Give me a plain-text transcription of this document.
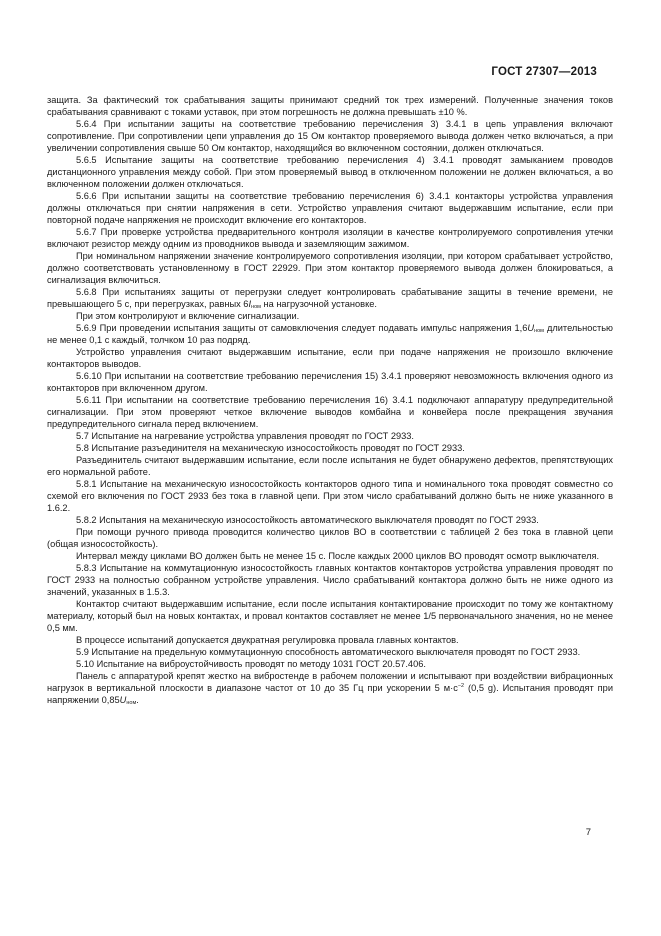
ГОСТ 27307—2013

защита. За фактический ток срабатывания защиты принимают средний ток трех измерений. Полученные значения токов срабатывания сравнивают с токами уставок, при этом погрешность не должна превышать ±10 %.

5.6.4 При испытании защиты на соответствие требованию перечисления 3) 3.4.1 в цепь управления включают сопротивление. При сопротивлении цепи управления до 15 Ом контактор проверяемого вывода должен четко включаться, а при увеличении сопротивления свыше 50 Ом контактор, находящийся во включенном состоянии, должен отключаться.

5.6.5 Испытание защиты на соответствие требованию перечисления 4) 3.4.1 проводят замыканием проводов дистанционного управления между собой. При этом проверяемый вывод в отключенном положении не должен включаться, а во включенном положении должен отключаться.

5.6.6 При испытании защиты на соответствие требованию перечисления 6) 3.4.1 контакторы устройства управления должны отключаться при снятии напряжения в сети. Устройство управления считают выдержавшим испытание, если при повторной подаче напряжения не происходит включение его контакторов.

5.6.7 При проверке устройства предварительного контроля изоляции в качестве контролируемого сопротивления утечки включают резистор между одним из проводников вывода и заземляющим зажимом.

При номинальном напряжении значение контролируемого сопротивления изоляции, при котором срабатывает устройство, должно соответствовать установленному в ГОСТ 22929. При этом контактор проверяемого вывода должен блокироваться, а сигнализация включиться.

5.6.8 При испытаниях защиты от перегрузки следует контролировать срабатывание защиты в течение времени, не превышающего 5 с, при перегрузках, равных $6I_{ном}$ на нагрузочной установке.

При этом контролируют и включение сигнализации.

5.6.9 При проведении испытания защиты от самовключения следует подавать импульс напряжения $1,6U_{ном}$ длительностью не менее 0,1 с каждый, толчком 10 раз подряд.

Устройство управления считают выдержавшим испытание, если при подаче напряжения не произошло включение контакторов выводов.

5.6.10 При испытании на соответствие требованию перечисления 15) 3.4.1 проверяют невозможность включения одного из контакторов при включенном другом.

5.6.11 При испытании на соответствие требованию перечисления 16) 3.4.1 подключают аппаратуру предупредительной сигнализации. При этом проверяют четкое включение выводов комбайна и конвейера после прекращения звучания предупредительного сигнала перед включением.

5.7 Испытание на нагревание устройства управления проводят по ГОСТ 2933.

5.8 Испытание разъединителя на механическую износостойкость проводят по ГОСТ 2933.

Разъединитель считают выдержавшим испытание, если после испытания не будет обнаружено дефектов, препятствующих его нормальной работе.

5.8.1 Испытание на механическую износостойкость контакторов одного типа и номинального тока проводят совместно со схемой его включения по ГОСТ 2933 без тока в главной цепи. При этом число срабатываний должно быть не ниже указанного в 1.6.2.

5.8.2 Испытания на механическую износостойкость автоматического выключателя проводят по ГОСТ 2933.

При помощи ручного привода проводится количество циклов ВО в соответствии с таблицей 2 без тока в главной цепи (общая износостойкость).

Интервал между циклами ВО должен быть не менее 15 с. После каждых 2000 циклов ВО проводят осмотр выключателя.

5.8.3 Испытание на коммутационную износостойкость главных контактов контакторов устройства управления проводят по ГОСТ 2933 на полностью собранном устройстве управления. Число срабатываний контактора должно быть не ниже одного из значений, указанных в 1.5.3.

Контактор считают выдержавшим испытание, если после испытания контактирование происходит по тому же контактному материалу, который был на новых контактах, и провал контактов составляет не менее 1/5 первоначального значения, но не менее 0,5 мм.

В процессе испытаний допускается двукратная регулировка провала главных контактов.

5.9 Испытание на предельную коммутационную способность автоматического выключателя проводят по ГОСТ 2933.

5.10 Испытание на виброустойчивость проводят по методу 1031 ГОСТ 20.57.406.

Панель с аппаратурой крепят жестко на вибростенде в рабочем положении и испытывают при воздействии вибрационных нагрузок в вертикальной плоскости в диапазоне частот от 10 до 35 Гц при ускорении 5 $м\cdot с^{-2}$ (0,5 g). Испытания проводят при напряжении $0,85U_{ном}$.

7
